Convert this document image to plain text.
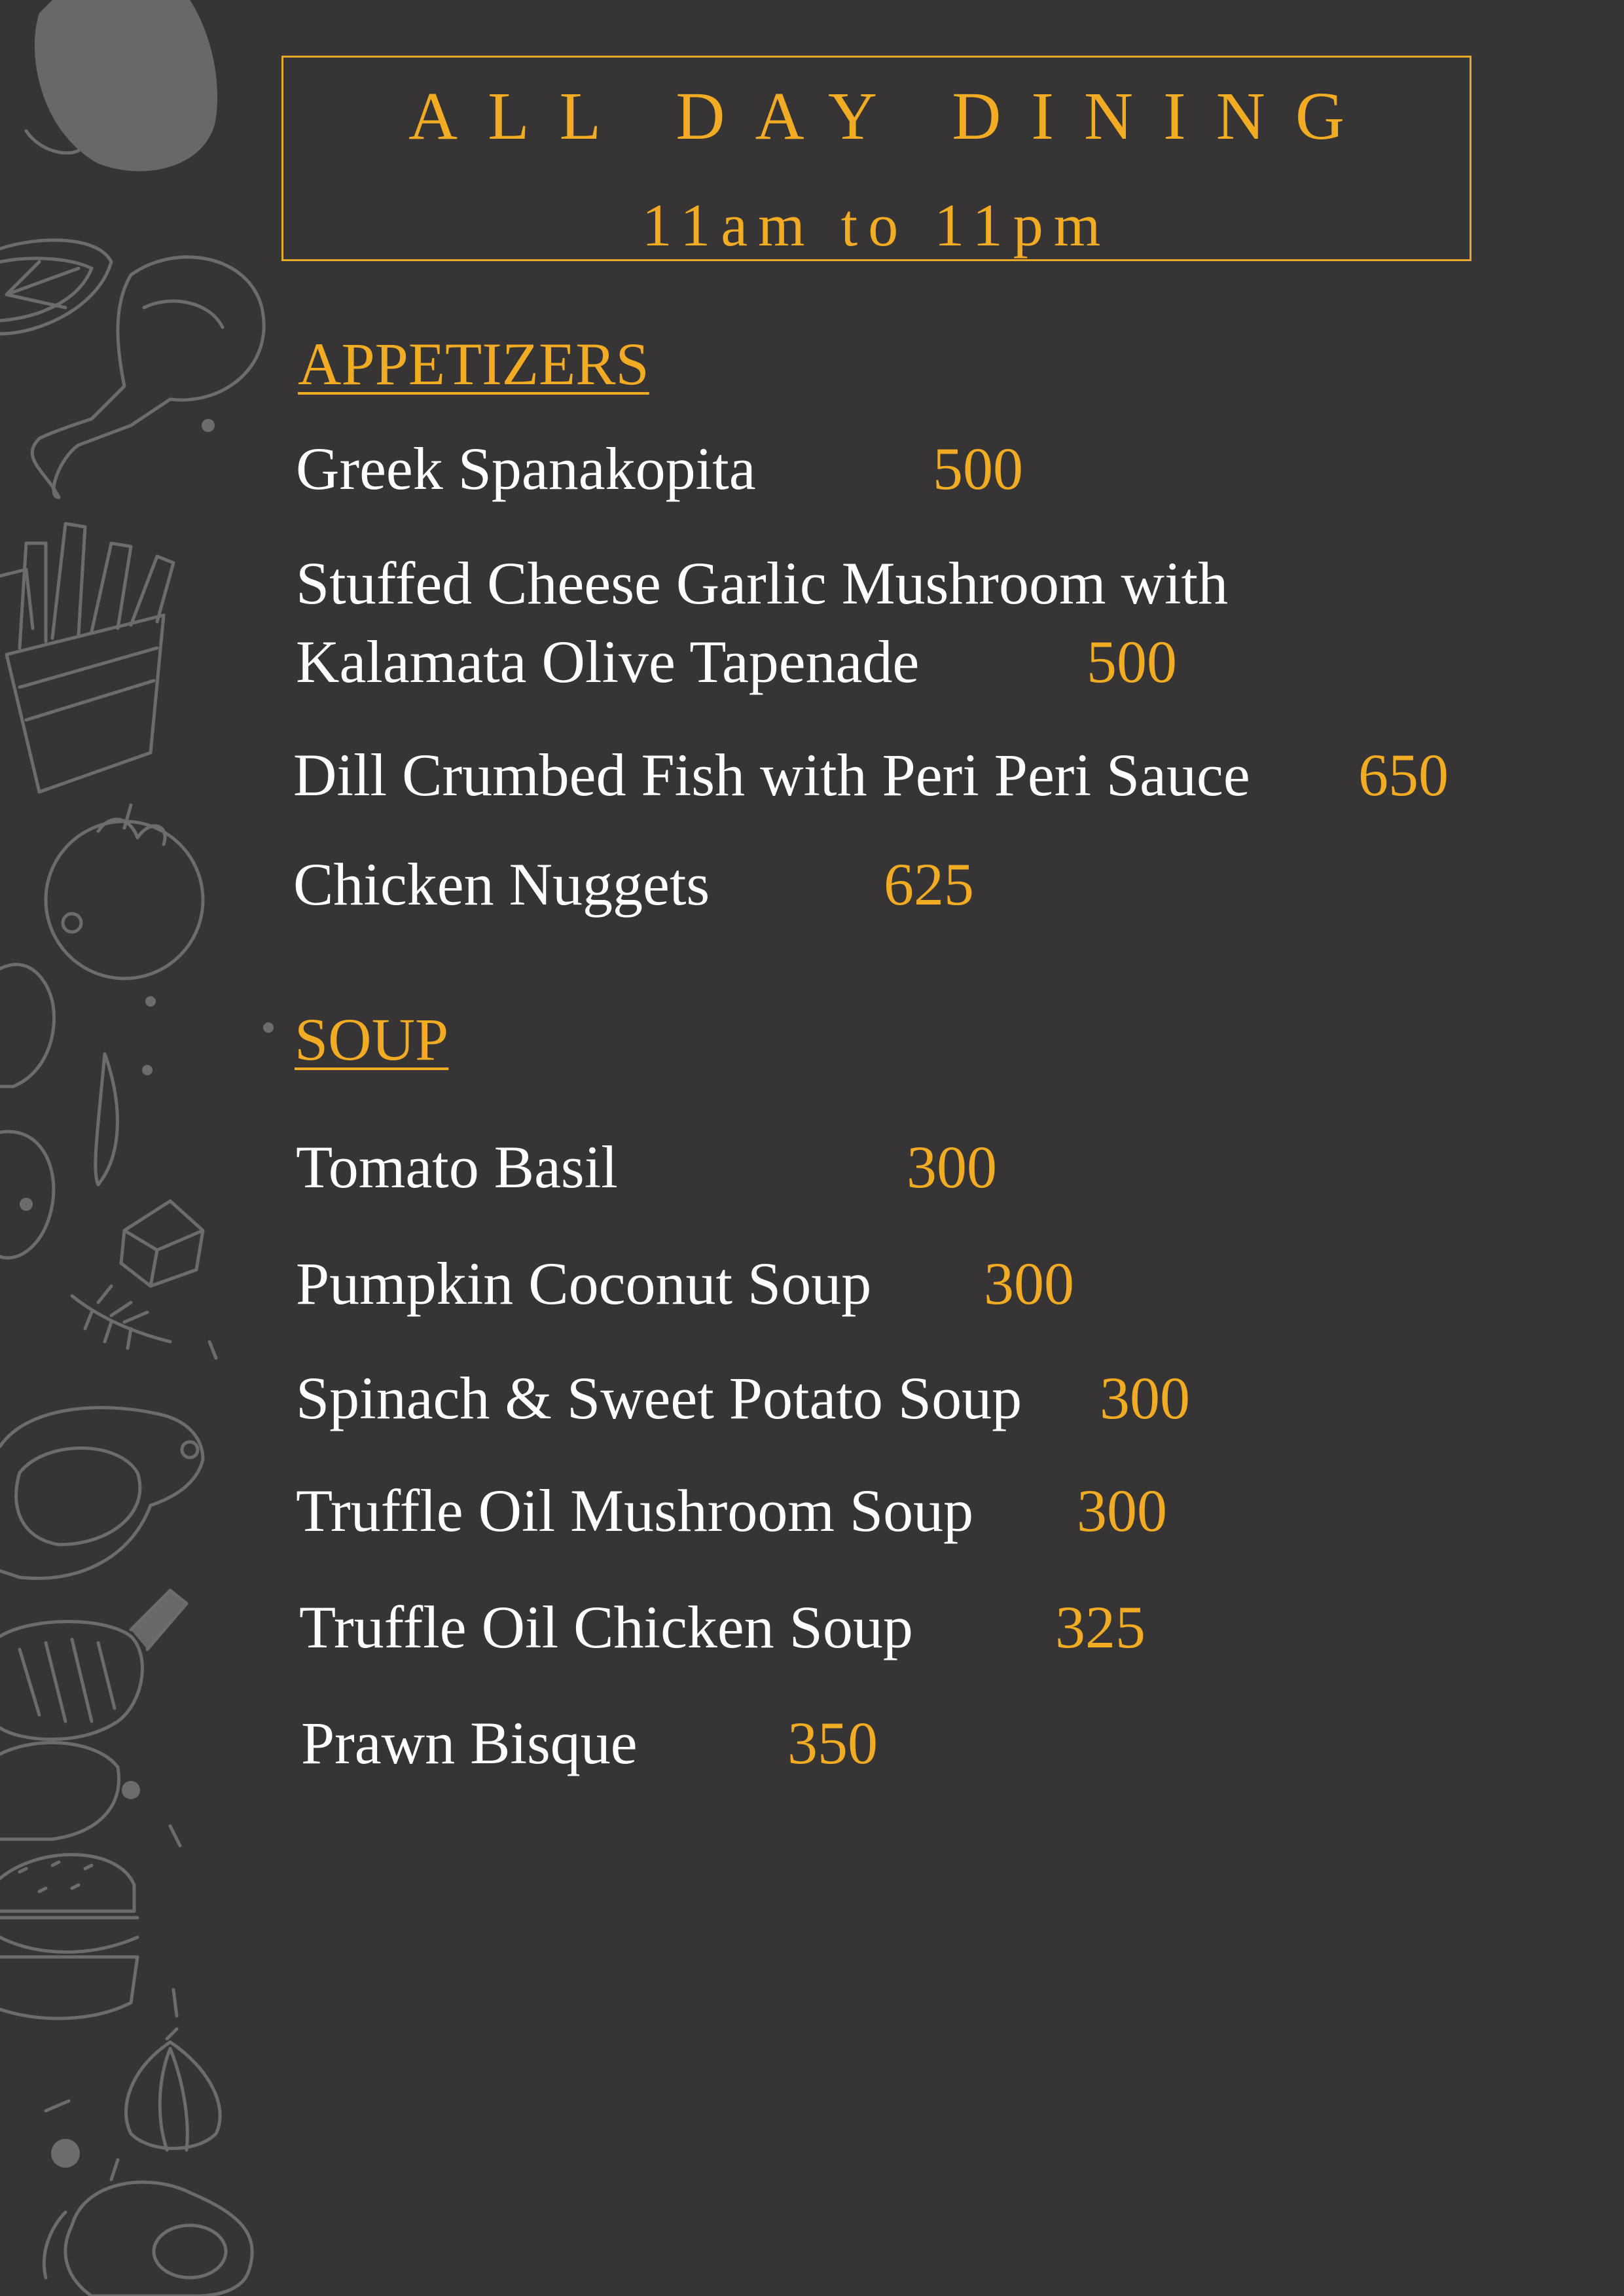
ALL DAY DINING
11am to 11pm
APPETIZERS
Greek Spanakopita	500
Stuffed Cheese Garlic Mushroom with
Kalamata Olive Tapenade	500
Dill Crumbed Fish with Peri Peri Sauce 650
Chicken Nuggets	625
SOUP
Tomato Basil	300
Pumpkin Coconut Soup 300
Spinach & Sweet Potato Soup 300
Truffle Oil Mushroom Soup 300
Truffle Oil Chicken Soup 325
Prawn Bisque 350
